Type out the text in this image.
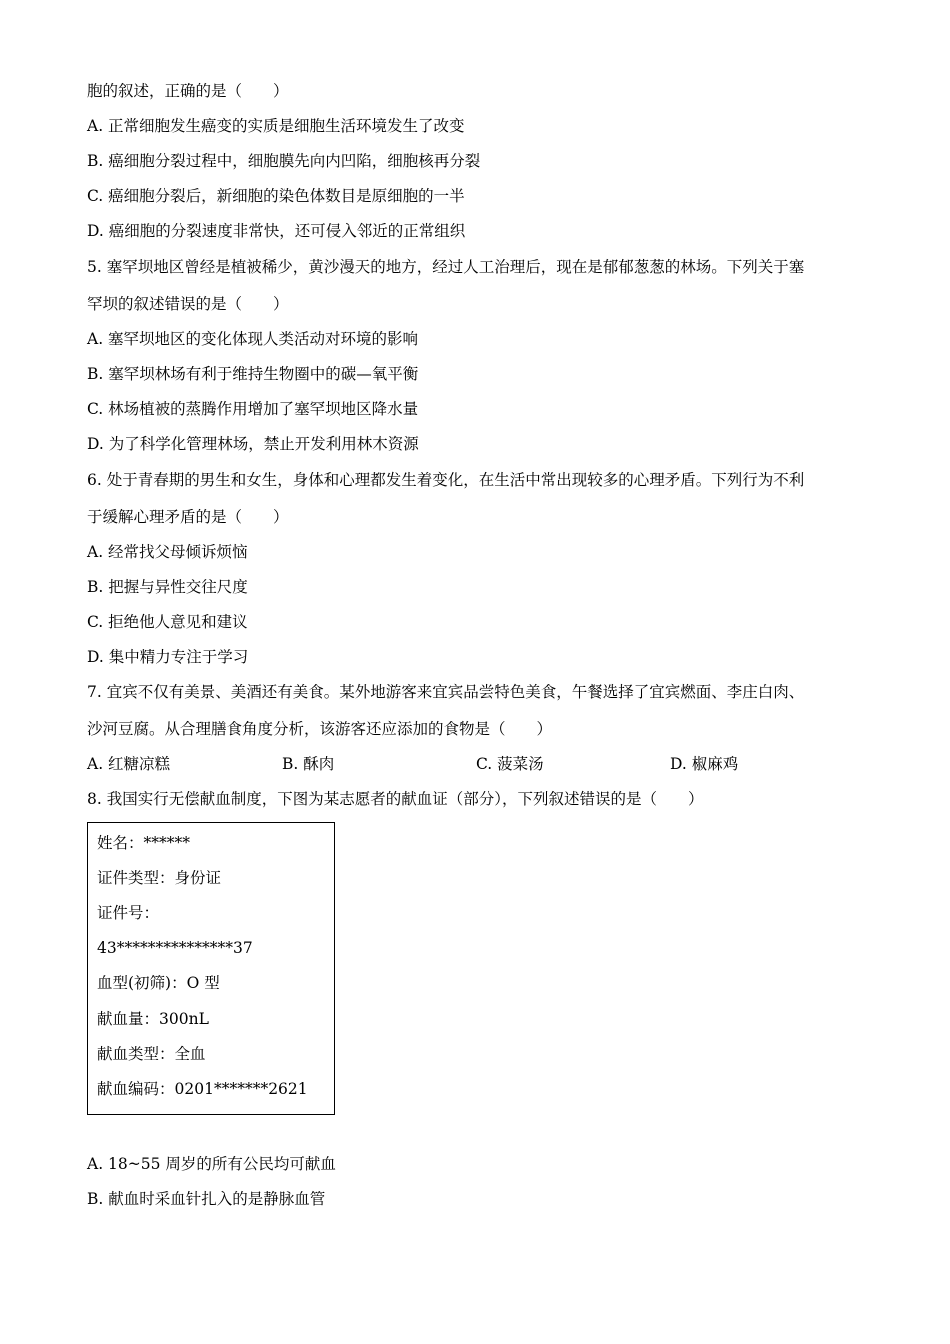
胞的叙述，正确的是（　　）
A. 正常细胞发生癌变的实质是细胞生活环境发生了改变
B. 癌细胞分裂过程中，细胞膜先向内凹陷，细胞核再分裂
C. 癌细胞分裂后，新细胞的染色体数目是原细胞的一半
D. 癌细胞的分裂速度非常快，还可侵入邻近的正常组织
5. 塞罕坝地区曾经是植被稀少，黄沙漫天的地方，经过人工治理后，现在是郁郁葱葱的林场。下列关于塞
罕坝的叙述错误的是（　　）
A. 塞罕坝地区的变化体现人类活动对环境的影响
B. 塞罕坝林场有利于维持生物圈中的碳—氧平衡
C. 林场植被的蒸腾作用增加了塞罕坝地区降水量
D. 为了科学化管理林场，禁止开发利用林木资源
6. 处于青春期的男生和女生，身体和心理都发生着变化，在生活中常出现较多的心理矛盾。下列行为不利
于缓解心理矛盾的是（　　）
A. 经常找父母倾诉烦恼
B. 把握与异性交往尺度
C. 拒绝他人意见和建议
D. 集中精力专注于学习
7. 宜宾不仅有美景、美酒还有美食。某外地游客来宜宾品尝特色美食，午餐选择了宜宾燃面、李庄白肉、
沙河豆腐。从合理膳食角度分析，该游客还应添加的食物是（　　）
A. 红糖凉糕	B. 酥肉	C. 菠菜汤	D. 椒麻鸡
8. 我国实行无偿献血制度，下图为某志愿者的献血证（部分），下列叙述错误的是（　　）
姓名：******
证件类型：身份证
证件号：
43***************37
血型(初筛)：O 型
献血量：300nL
献血类型：全血
献血编码：0201*******2621
A. 18~55 周岁的所有公民均可献血
B. 献血时采血针扎入的是静脉血管
